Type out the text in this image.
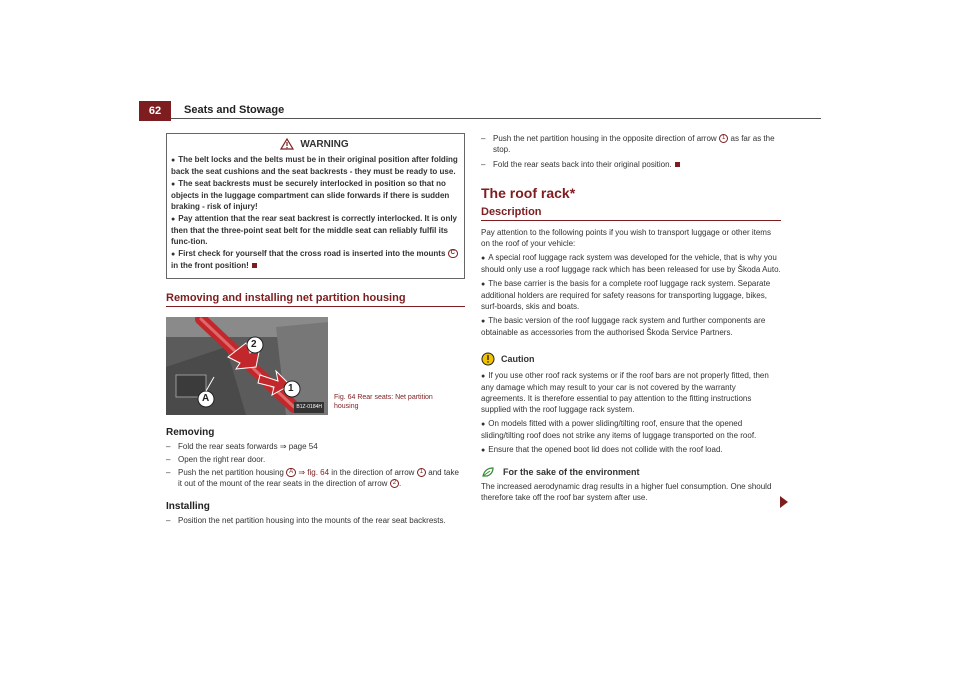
62	Seats and Stowage
WARNING
● The belt locks and the belts must be in their original position after folding back the seat cushions and the seat backrests - they must be ready to use.
● The seat backrests must be securely interlocked in position so that no objects in the luggage compartment can slide forwards if there is sudden braking - risk of injury!
● Pay attention that the rear seat backrest is correctly interlocked. It is only then that the three-point seat belt for the middle seat can reliably fulfil its func-tion.
● First check for yourself that the cross road is inserted into the mounts C in the front position!
Removing and installing net partition housing
2
1
A
B1Z-0184H
Fig. 64 Rear seats: Net partition housing
Removing
– Fold the rear seats forwards ⇒ page 54
– Open the right rear door.
– Push the net partition housing A ⇒ fig. 64 in the direction of arrow 1 and take it out of the mount of the rear seats in the direction of arrow 2 .
Installing
– Position the net partition housing into the mounts of the rear seat backrests.
– Push the net partition housing in the opposite direction of arrow 1 as far as the stop.
– Fold the rear seats back into their original position.
The roof rack*
Description
Pay attention to the following points if you wish to transport luggage or other items on the roof of your vehicle:
● A special roof luggage rack system was developed for the vehicle, that is why you should only use a roof luggage rack which has been released for use by Škoda Auto.
● The base carrier is the basis for a complete roof luggage rack system. Separate additional holders are required for safety reasons for transporting luggage, bikes, surf-boards, skis and boats.
● The basic version of the roof luggage rack system and further components are obtainable as accessories from the authorised Škoda Service Partners.
Caution
● If you use other roof rack systems or if the roof bars are not properly fitted, then any damage which may result to your car is not covered by the warranty agreements. It is therefore essential to pay attention to the fitting instructions supplied with the roof luggage rack system.
● On models fitted with a power sliding/tilting roof, ensure that the opened sliding/tilting roof does not strike any items of luggage transported on the roof.
● Ensure that the opened boot lid does not collide with the roof load.
For the sake of the environment
The increased aerodynamic drag results in a higher fuel consumption. One should therefore take off the roof bar system after use.
